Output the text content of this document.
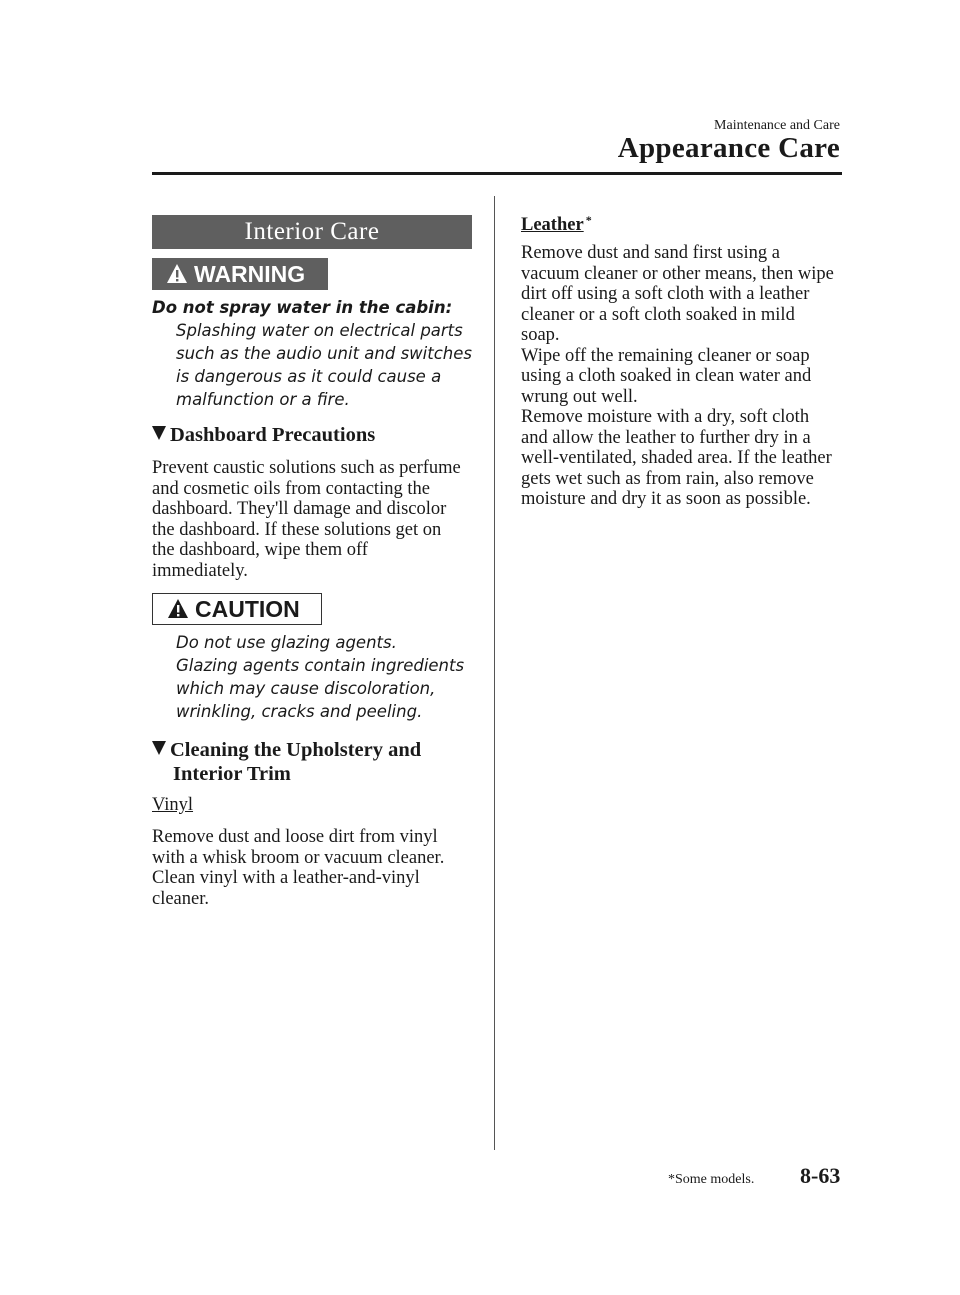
Maintenance and Care
Appearance Care
Interior Care
WARNING
Do not spray water in the cabin:
Splashing water on electrical parts
such as the audio unit and switches
is dangerous as it could cause a
malfunction or a fire.
Dashboard Precautions
Prevent caustic solutions such as perfume
and cosmetic oils from contacting the
dashboard. They'll damage and discolor
the dashboard. If these solutions get on
the dashboard, wipe them off
immediately.
CAUTION
Do not use glazing agents.
Glazing agents contain ingredients
which may cause discoloration,
wrinkling, cracks and peeling.
Cleaning the Upholstery and
Interior Trim
Vinyl
Remove dust and loose dirt from vinyl
with a whisk broom or vacuum cleaner.
Clean vinyl with a leather-and-vinyl
cleaner.
Leather *
Remove dust and sand first using a
vacuum cleaner or other means, then wipe
dirt off using a soft cloth with a leather
cleaner or a soft cloth soaked in mild
soap.
Wipe off the remaining cleaner or soap
using a cloth soaked in clean water and
wrung out well.
Remove moisture with a dry, soft cloth
and allow the leather to further dry in a
well-ventilated, shaded area. If the leather
gets wet such as from rain, also remove
moisture and dry it as soon as possible.
*Some models. 8-63
